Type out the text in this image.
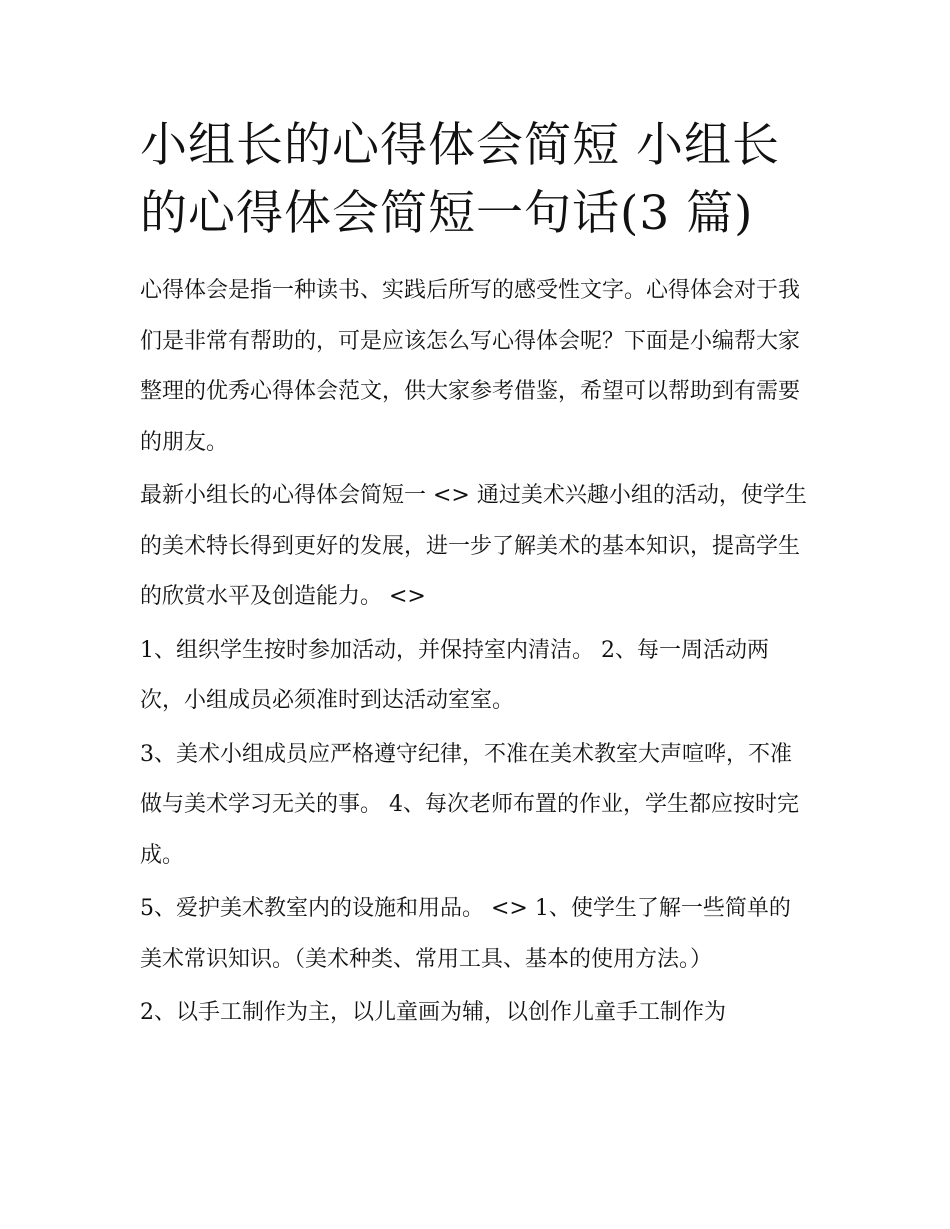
小组长的心得体会简短 小组长的心得体会简短一句话(3 篇)

心得体会是指一种读书、实践后所写的感受性文字。心得体会对于我们是非常有帮助的，可是应该怎么写心得体会呢？下面是小编帮大家整理的优秀心得体会范文，供大家参考借鉴，希望可以帮助到有需要的朋友。

最新小组长的心得体会简短一 <> 通过美术兴趣小组的活动，使学生的美术特长得到更好的发展，进一步了解美术的基本知识，提高学生的欣赏水平及创造能力。 <>

1、组织学生按时参加活动，并保持室内清洁。 2、每一周活动两次，小组成员必须准时到达活动室室。

3、美术小组成员应严格遵守纪律，不准在美术教室大声喧哗，不准做与美术学习无关的事。 4、每次老师布置的作业，学生都应按时完成。

5、爱护美术教室内的设施和用品。 <> 1、使学生了解一些简单的美术常识知识。（美术种类、常用工具、基本的使用方法。）

2、以手工制作为主，以儿童画为辅，以创作儿童手工制作为
